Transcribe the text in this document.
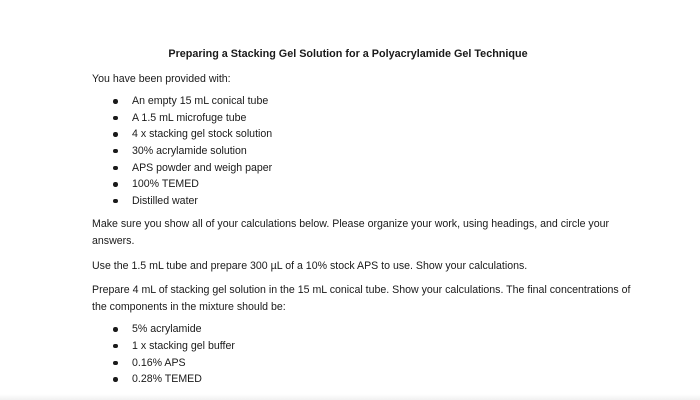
Preparing a Stacking Gel Solution for a Polyacrylamide Gel Technique

You have been provided with:

An empty 15 mL conical tube
A 1.5 mL microfuge tube
4 x stacking gel stock solution
30% acrylamide solution
APS powder and weigh paper
100% TEMED
Distilled water

Make sure you show all of your calculations below. Please organize your work, using headings, and circle your answers.

Use the 1.5 mL tube and prepare 300 µL of a 10% stock APS to use. Show your calculations.

Prepare 4 mL of stacking gel solution in the 15 mL conical tube. Show your calculations. The final concentrations of the components in the mixture should be:

5% acrylamide
1 x stacking gel buffer
0.16% APS
0.28% TEMED
